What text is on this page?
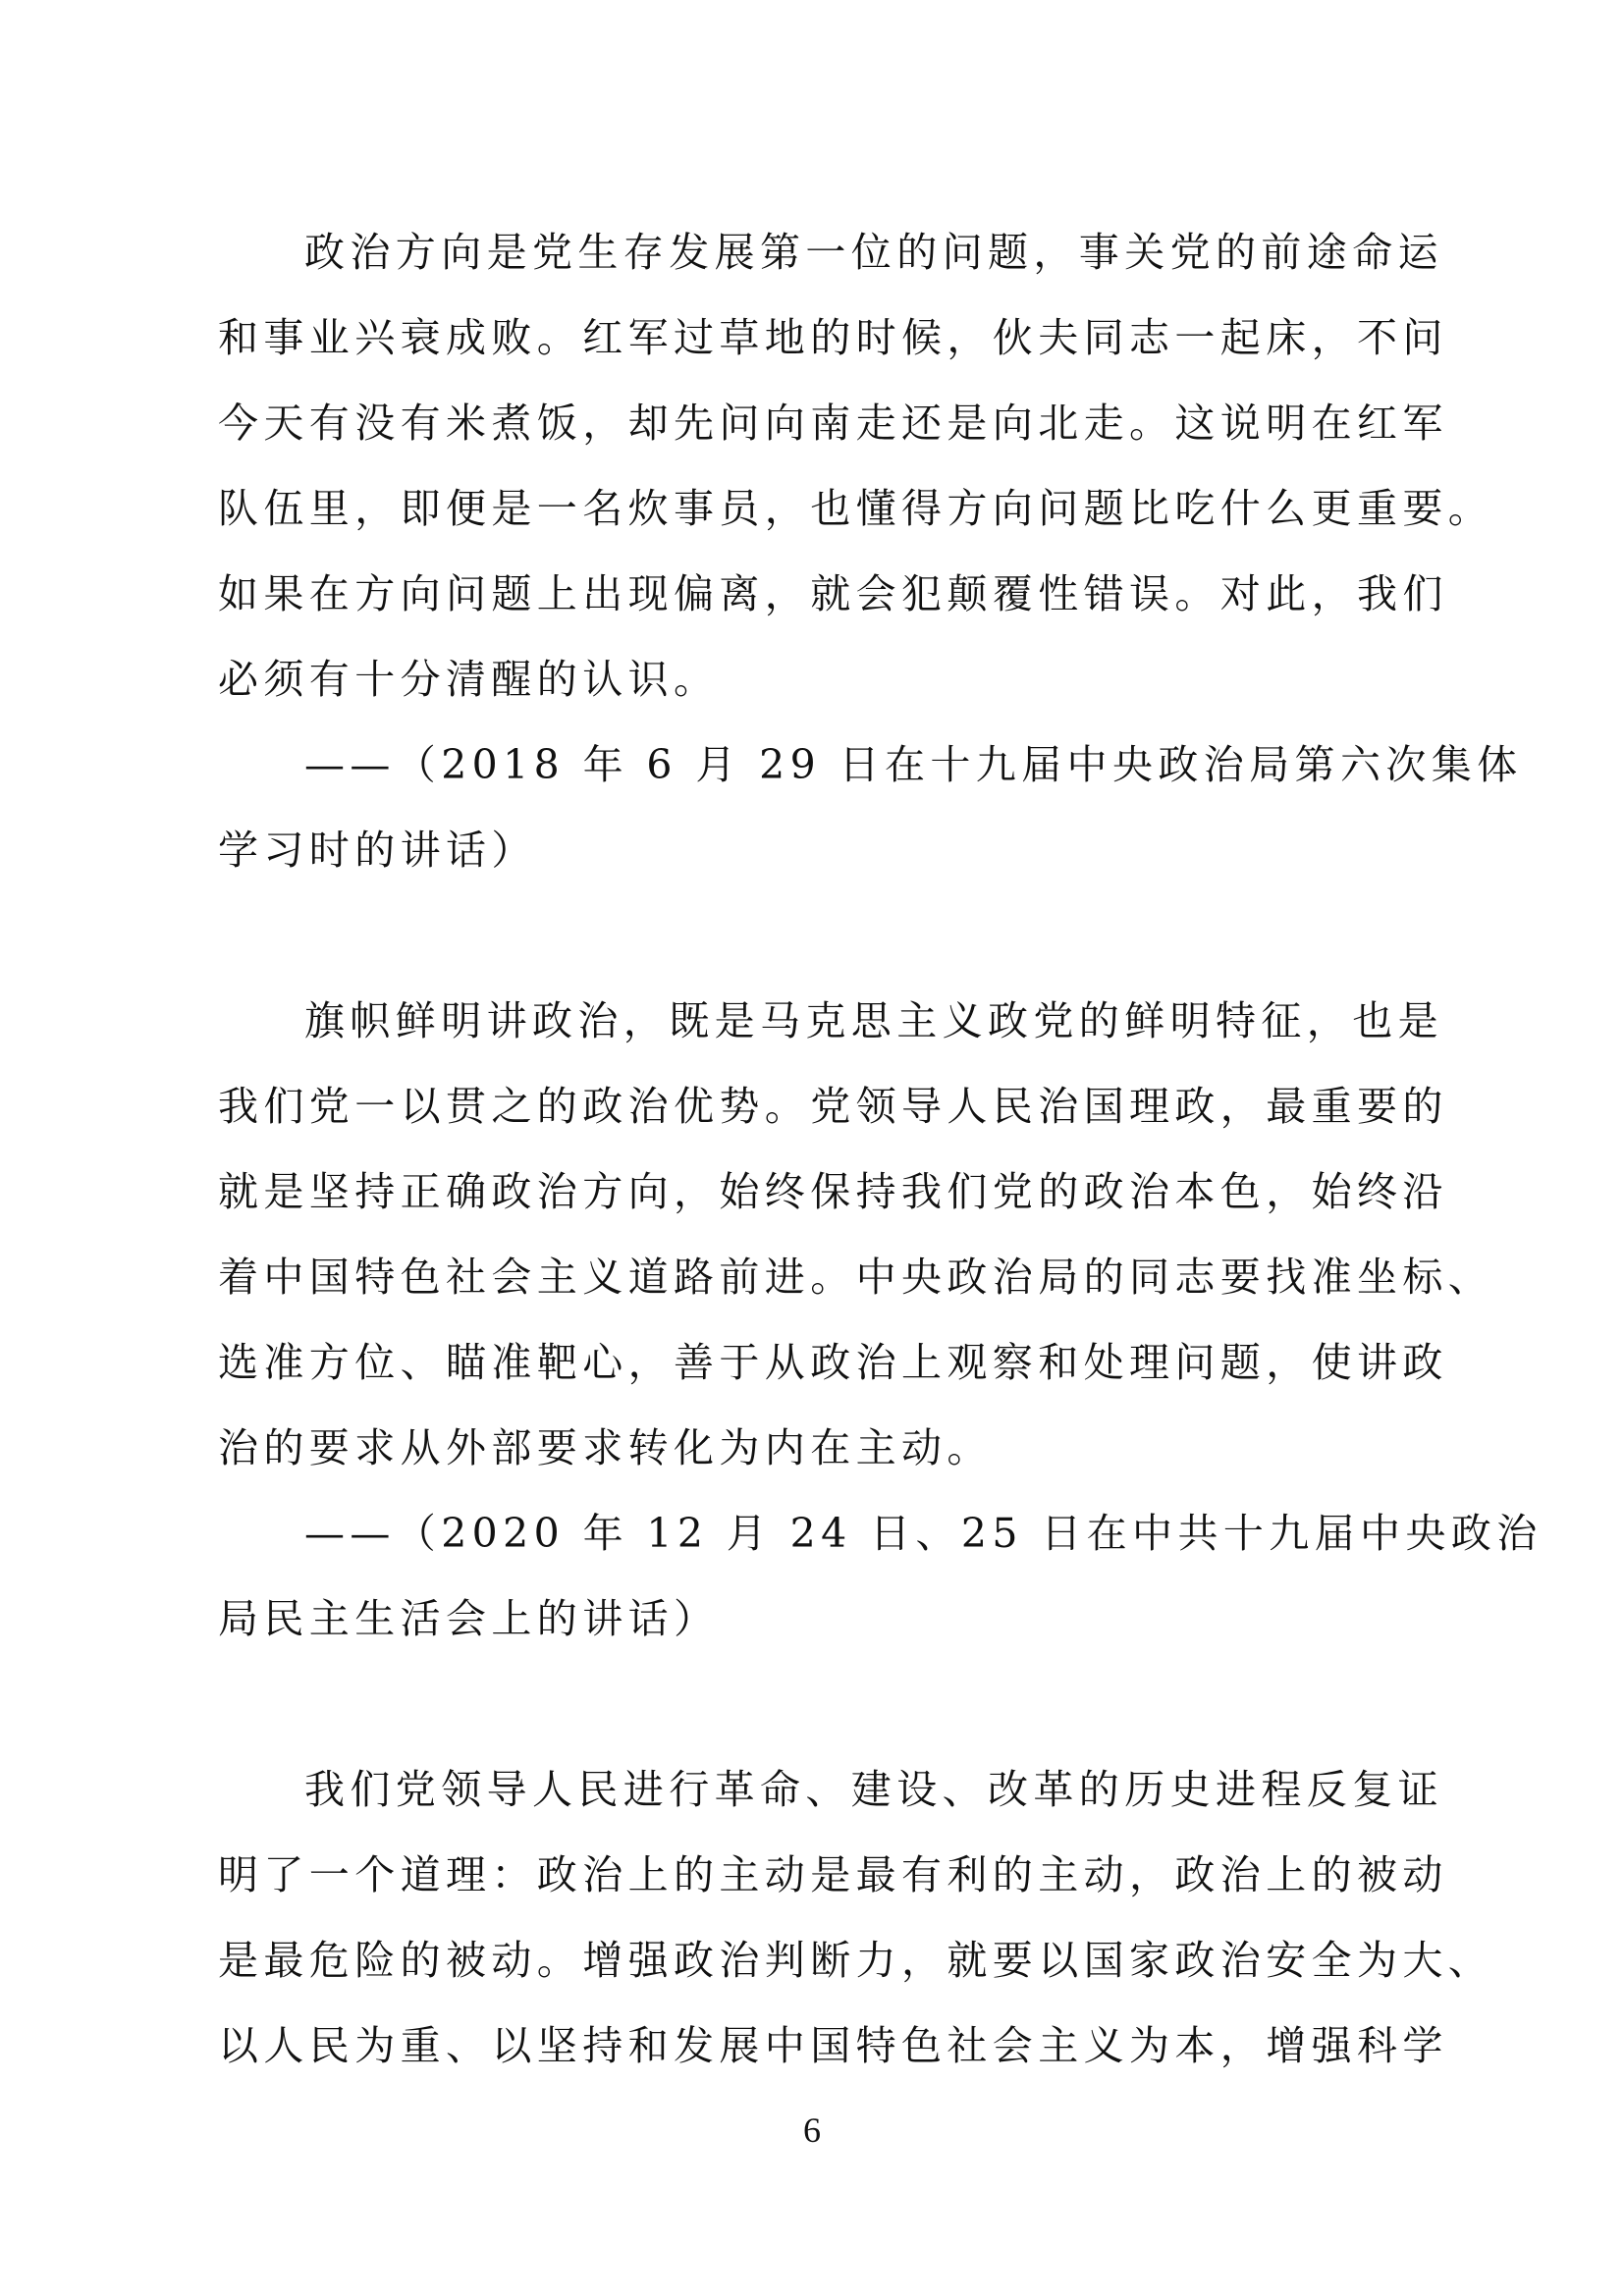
政治方向是党生存发展第一位的问题，事关党的前途命运
和事业兴衰成败。红军过草地的时候，伙夫同志一起床，不问
今天有没有米煮饭，却先问向南走还是向北走。这说明在红军
队伍里，即便是一名炊事员，也懂得方向问题比吃什么更重要。
如果在方向问题上出现偏离，就会犯颠覆性错误。对此，我们
必须有十分清醒的认识。
——（2018 年 6 月 29 日在十九届中央政治局第六次集体
学习时的讲话）
旗帜鲜明讲政治，既是马克思主义政党的鲜明特征，也是
我们党一以贯之的政治优势。党领导人民治国理政，最重要的
就是坚持正确政治方向，始终保持我们党的政治本色，始终沿
着中国特色社会主义道路前进。中央政治局的同志要找准坐标、
选准方位、瞄准靶心，善于从政治上观察和处理问题，使讲政
治的要求从外部要求转化为内在主动。
——（2020 年 12 月 24 日、25 日在中共十九届中央政治
局民主生活会上的讲话）
我们党领导人民进行革命、建设、改革的历史进程反复证
明了一个道理：政治上的主动是最有利的主动，政治上的被动
是最危险的被动。增强政治判断力，就要以国家政治安全为大、
以人民为重、以坚持和发展中国特色社会主义为本，增强科学
6
